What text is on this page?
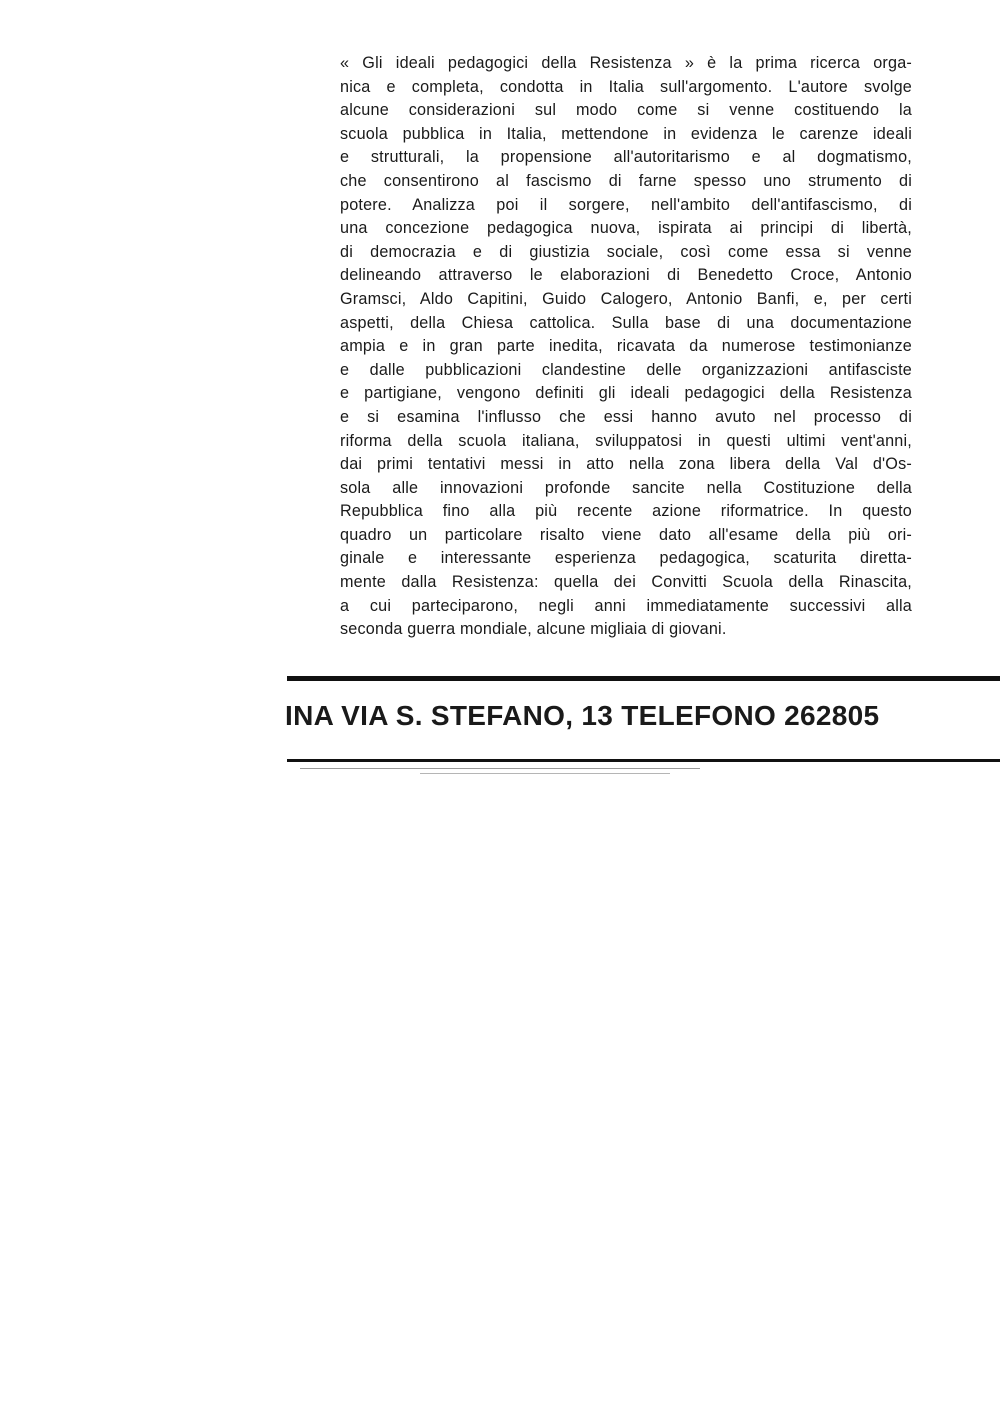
« Gli ideali pedagogici della Resistenza » è la prima ricerca orga-
nica e completa, condotta in Italia sull'argomento. L'autore svolge
alcune considerazioni sul modo come si venne costituendo la
scuola pubblica in Italia, mettendone in evidenza le carenze ideali
e strutturali, la propensione all'autoritarismo e al dogmatismo,
che consentirono al fascismo di farne spesso uno strumento di
potere. Analizza poi il sorgere, nell'ambito dell'antifascismo, di
una concezione pedagogica nuova, ispirata ai principi di libertà,
di democrazia e di giustizia sociale, così come essa si venne
delineando attraverso le elaborazioni di Benedetto Croce, Antonio
Gramsci, Aldo Capitini, Guido Calogero, Antonio Banfi, e, per certi
aspetti, della Chiesa cattolica. Sulla base di una documentazione
ampia e in gran parte inedita, ricavata da numerose testimonianze
e dalle pubblicazioni clandestine delle organizzazioni antifasciste
e partigiane, vengono definiti gli ideali pedagogici della Resistenza
e si esamina l'influsso che essi hanno avuto nel processo di
riforma della scuola italiana, sviluppatosi in questi ultimi vent'anni,
dai primi tentativi messi in atto nella zona libera della Val d'Os-
sola alle innovazioni profonde sancite nella Costituzione della
Repubblica fino alla più recente azione riformatrice. In questo
quadro un particolare risalto viene dato all'esame della più ori-
ginale e interessante esperienza pedagogica, scaturita diretta-
mente dalla Resistenza: quella dei Convitti Scuola della Rinascita,
a cui parteciparono, negli anni immediatamente successivi alla
seconda guerra mondiale, alcune migliaia di giovani.
INA VIA S. STEFANO, 13 TELEFONO 262805
